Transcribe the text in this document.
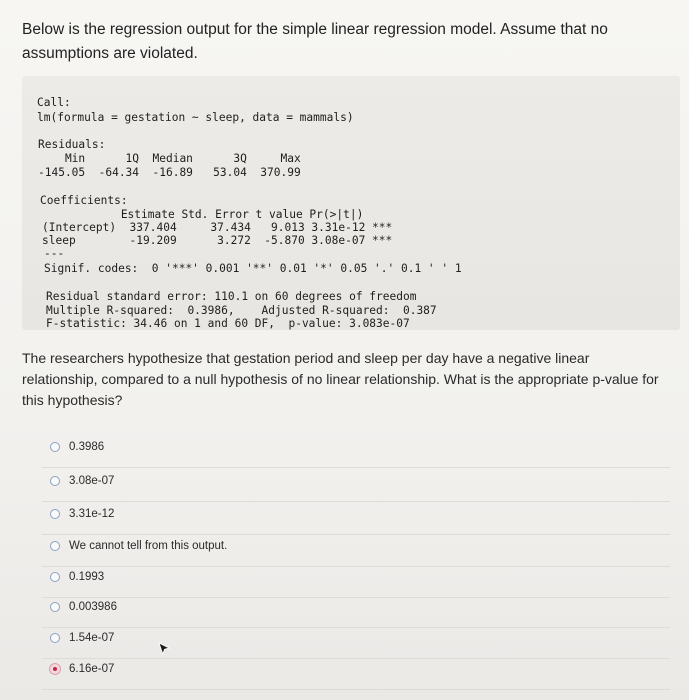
Below is the regression output for the simple linear regression model. Assume that no assumptions are violated.
Call:
lm(formula = gestation ~ sleep, data = mammals)
Residuals:
Min      1Q  Median      3Q     Max
-145.05  -64.34  -16.89   53.04  370.99
Coefficients:
Estimate Std. Error t value Pr(>|t|)
(Intercept)  337.404     37.434   9.013 3.31e-12 ***
sleep        -19.209      3.272  -5.870 3.08e-07 ***
---
Signif. codes:  0 '***' 0.001 '**' 0.01 '*' 0.05 '.' 0.1 ' ' 1
Residual standard error: 110.1 on 60 degrees of freedom
Multiple R-squared:  0.3986,    Adjusted R-squared:  0.387
F-statistic: 34.46 on 1 and 60 DF,  p-value: 3.083e-07
The researchers hypothesize that gestation period and sleep per day have a negative linear relationship, compared to a null hypothesis of no linear relationship. What is the appropriate p-value for this hypothesis?
0.3986
3.08e-07
3.31e-12
We cannot tell from this output.
0.1993
0.003986
1.54e-07
6.16e-07
